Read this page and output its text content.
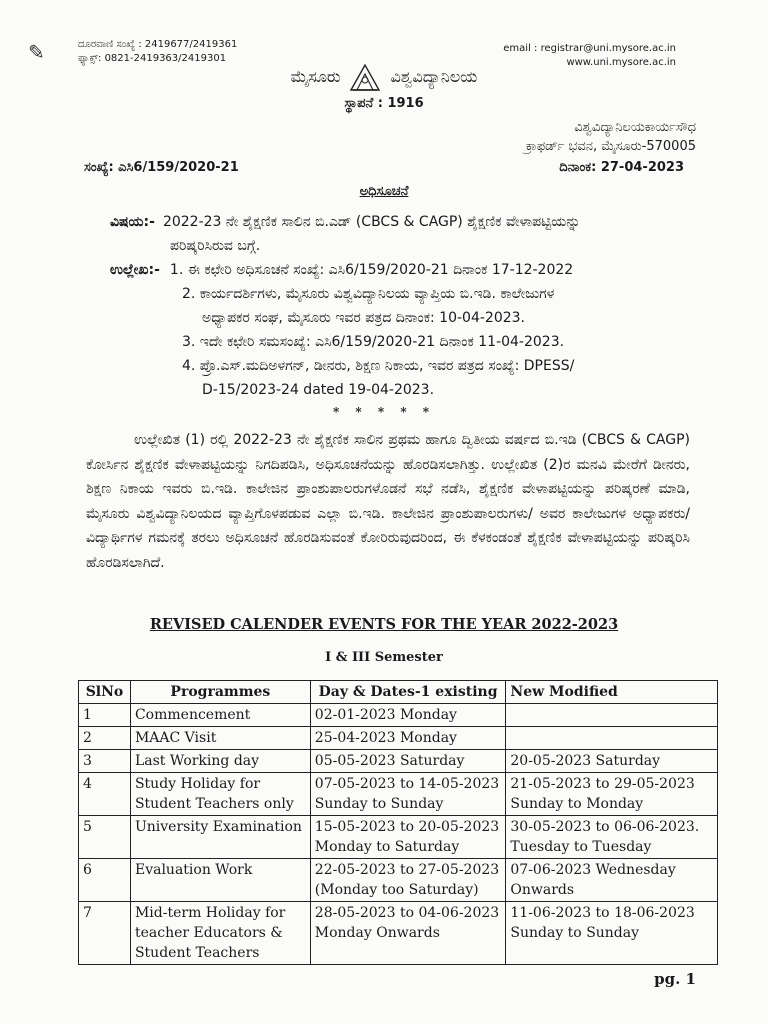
✎	ದೂರವಾಣಿ ಸಂಖ್ಯೆ : 2419677/2419361
ಫ್ಯಾಕ್ಸ್: 0821-2419363/2419301
email : registrar@uni.mysore.ac.in
www.uni.mysore.ac.in
ಮೈಸೂರು	ವಿಶ್ವವಿದ್ಯಾನಿಲಯ
ಸ್ಥಾಪನೆ : 1916
ವಿಶ್ವವಿದ್ಯಾನಿಲಯಕಾರ್ಯಸೌಧ
ಕ್ರಾಫರ್ಡ್ ಭವನ, ಮೈಸೂರು-570005
ಸಂಖ್ಯೆ: ಎಸಿ6/159/2020-21	ದಿನಾಂಕ: 27-04-2023
ಅಧಿಸೂಚನೆ
ವಿಷಯ:- 2022-23 ನೇ ಶೈಕ್ಷಣಿಕ ಸಾಲಿನ ಬಿ.ಎಡ್ (CBCS & CAGP) ಶೈಕ್ಷಣಿಕ ವೇಳಾಪಟ್ಟಿಯನ್ನು
ಪರಿಷ್ಕರಿಸಿರುವ ಬಗ್ಗೆ.
ಉಲ್ಲೇಖ:- 1. ಈ ಕಛೇರಿ ಅಧಿಸೂಚನೆ ಸಂಖ್ಯೆ: ಎಸಿ6/159/2020-21 ದಿನಾಂಕ 17-12-2022
2. ಕಾರ್ಯದರ್ಶಿಗಳು, ಮೈಸೂರು ವಿಶ್ವವಿದ್ಯಾನಿಲಯ ವ್ಯಾಪ್ತಿಯ ಬಿ.ಇಡಿ. ಕಾಲೇಜುಗಳ
ಅಧ್ಯಾಪಕರ ಸಂಘ, ಮೈಸೂರು ಇವರ ಪತ್ರದ ದಿನಾಂಕ: 10-04-2023.
3. ಇದೇ ಕಛೇರಿ ಸಮಸಂಖ್ಯೆ: ಎಸಿ6/159/2020-21 ದಿನಾಂಕ 11-04-2023.
4. ಪ್ರೊ.ಎಸ್.ಮದಿಅಳಗನ್, ಡೀನರು, ಶಿಕ್ಷಣ ನಿಕಾಯ, ಇವರ ಪತ್ರದ ಸಂಖ್ಯೆ: DPESS/
D-15/2023-24 dated 19-04-2023.
* * * * *
ಉಲ್ಲೇಖಿತ (1) ರಲ್ಲಿ 2022-23 ನೇ ಶೈಕ್ಷಣಿಕ ಸಾಲಿನ ಪ್ರಥಮ ಹಾಗೂ ದ್ವಿತೀಯ ವರ್ಷದ ಬಿ.ಇಡಿ (CBCS & CAGP) ಕೋರ್ಸಿನ ಶೈಕ್ಷಣಿಕ ವೇಳಾಪಟ್ಟಿಯನ್ನು ನಿಗದಿಪಡಿಸಿ, ಅಧಿಸೂಚನೆಯನ್ನು ಹೊರಡಿಸಲಾಗಿತ್ತು. ಉಲ್ಲೇಖಿತ (2)ರ ಮನವಿ ಮೇರೆಗೆ ಡೀನರು, ಶಿಕ್ಷಣ ನಿಕಾಯ ಇವರು ಬಿ.ಇಡಿ. ಕಾಲೇಜಿನ ಪ್ರಾಂಶುಪಾಲರುಗಳೊಡನೆ ಸಭೆ ನಡೆಸಿ, ಶೈಕ್ಷಣಿಕ ವೇಳಾಪಟ್ಟಿಯನ್ನು ಪರಿಷ್ಕರಣೆ ಮಾಡಿ, ಮೈಸೂರು ವಿಶ್ವವಿದ್ಯಾನಿಲಯದ ವ್ಯಾಪ್ತಿಗೊಳಪಡುವ ಎಲ್ಲಾ ಬಿ.ಇಡಿ. ಕಾಲೇಜಿನ ಪ್ರಾಂಶುಪಾಲರುಗಳು/ ಅವರ ಕಾಲೇಜುಗಳ ಅಧ್ಯಾಪಕರು/ ವಿದ್ಯಾರ್ಥಿಗಳ ಗಮನಕ್ಕೆ ತರಲು ಅಧಿಸೂಚನೆ ಹೊರಡಿಸುವಂತೆ ಕೋರಿರುವುದರಿಂದ, ಈ ಕೆಳಕಂಡಂತೆ ಶೈಕ್ಷಣಿಕ ವೇಳಾಪಟ್ಟಿಯನ್ನು ಪರಿಷ್ಕರಿಸಿ ಹೊರಡಿಸಲಾಗಿದೆ.
REVISED CALENDER EVENTS FOR THE YEAR 2022-2023
I & III Semester
SlNo	Programmes	Day & Dates-1 existing	New Modified
1	Commencement	02-01-2023 Monday	
2	MAAC Visit	25-04-2023 Monday	
3	Last Working day	05-05-2023 Saturday	20-05-2023 Saturday
4	Study Holiday for Student Teachers only	07-05-2023 to 14-05-2023 Sunday to Sunday	21-05-2023 to 29-05-2023 Sunday to Monday
5	University Examination	15-05-2023 to 20-05-2023 Monday to Saturday	30-05-2023 to 06-06-2023. Tuesday to Tuesday
6	Evaluation Work	22-05-2023 to 27-05-2023 (Monday too Saturday)	07-06-2023 Wednesday Onwards
7	Mid-term Holiday for teacher Educators & Student Teachers	28-05-2023 to 04-06-2023 Monday Onwards	11-06-2023 to 18-06-2023 Sunday to Sunday
pg. 1
